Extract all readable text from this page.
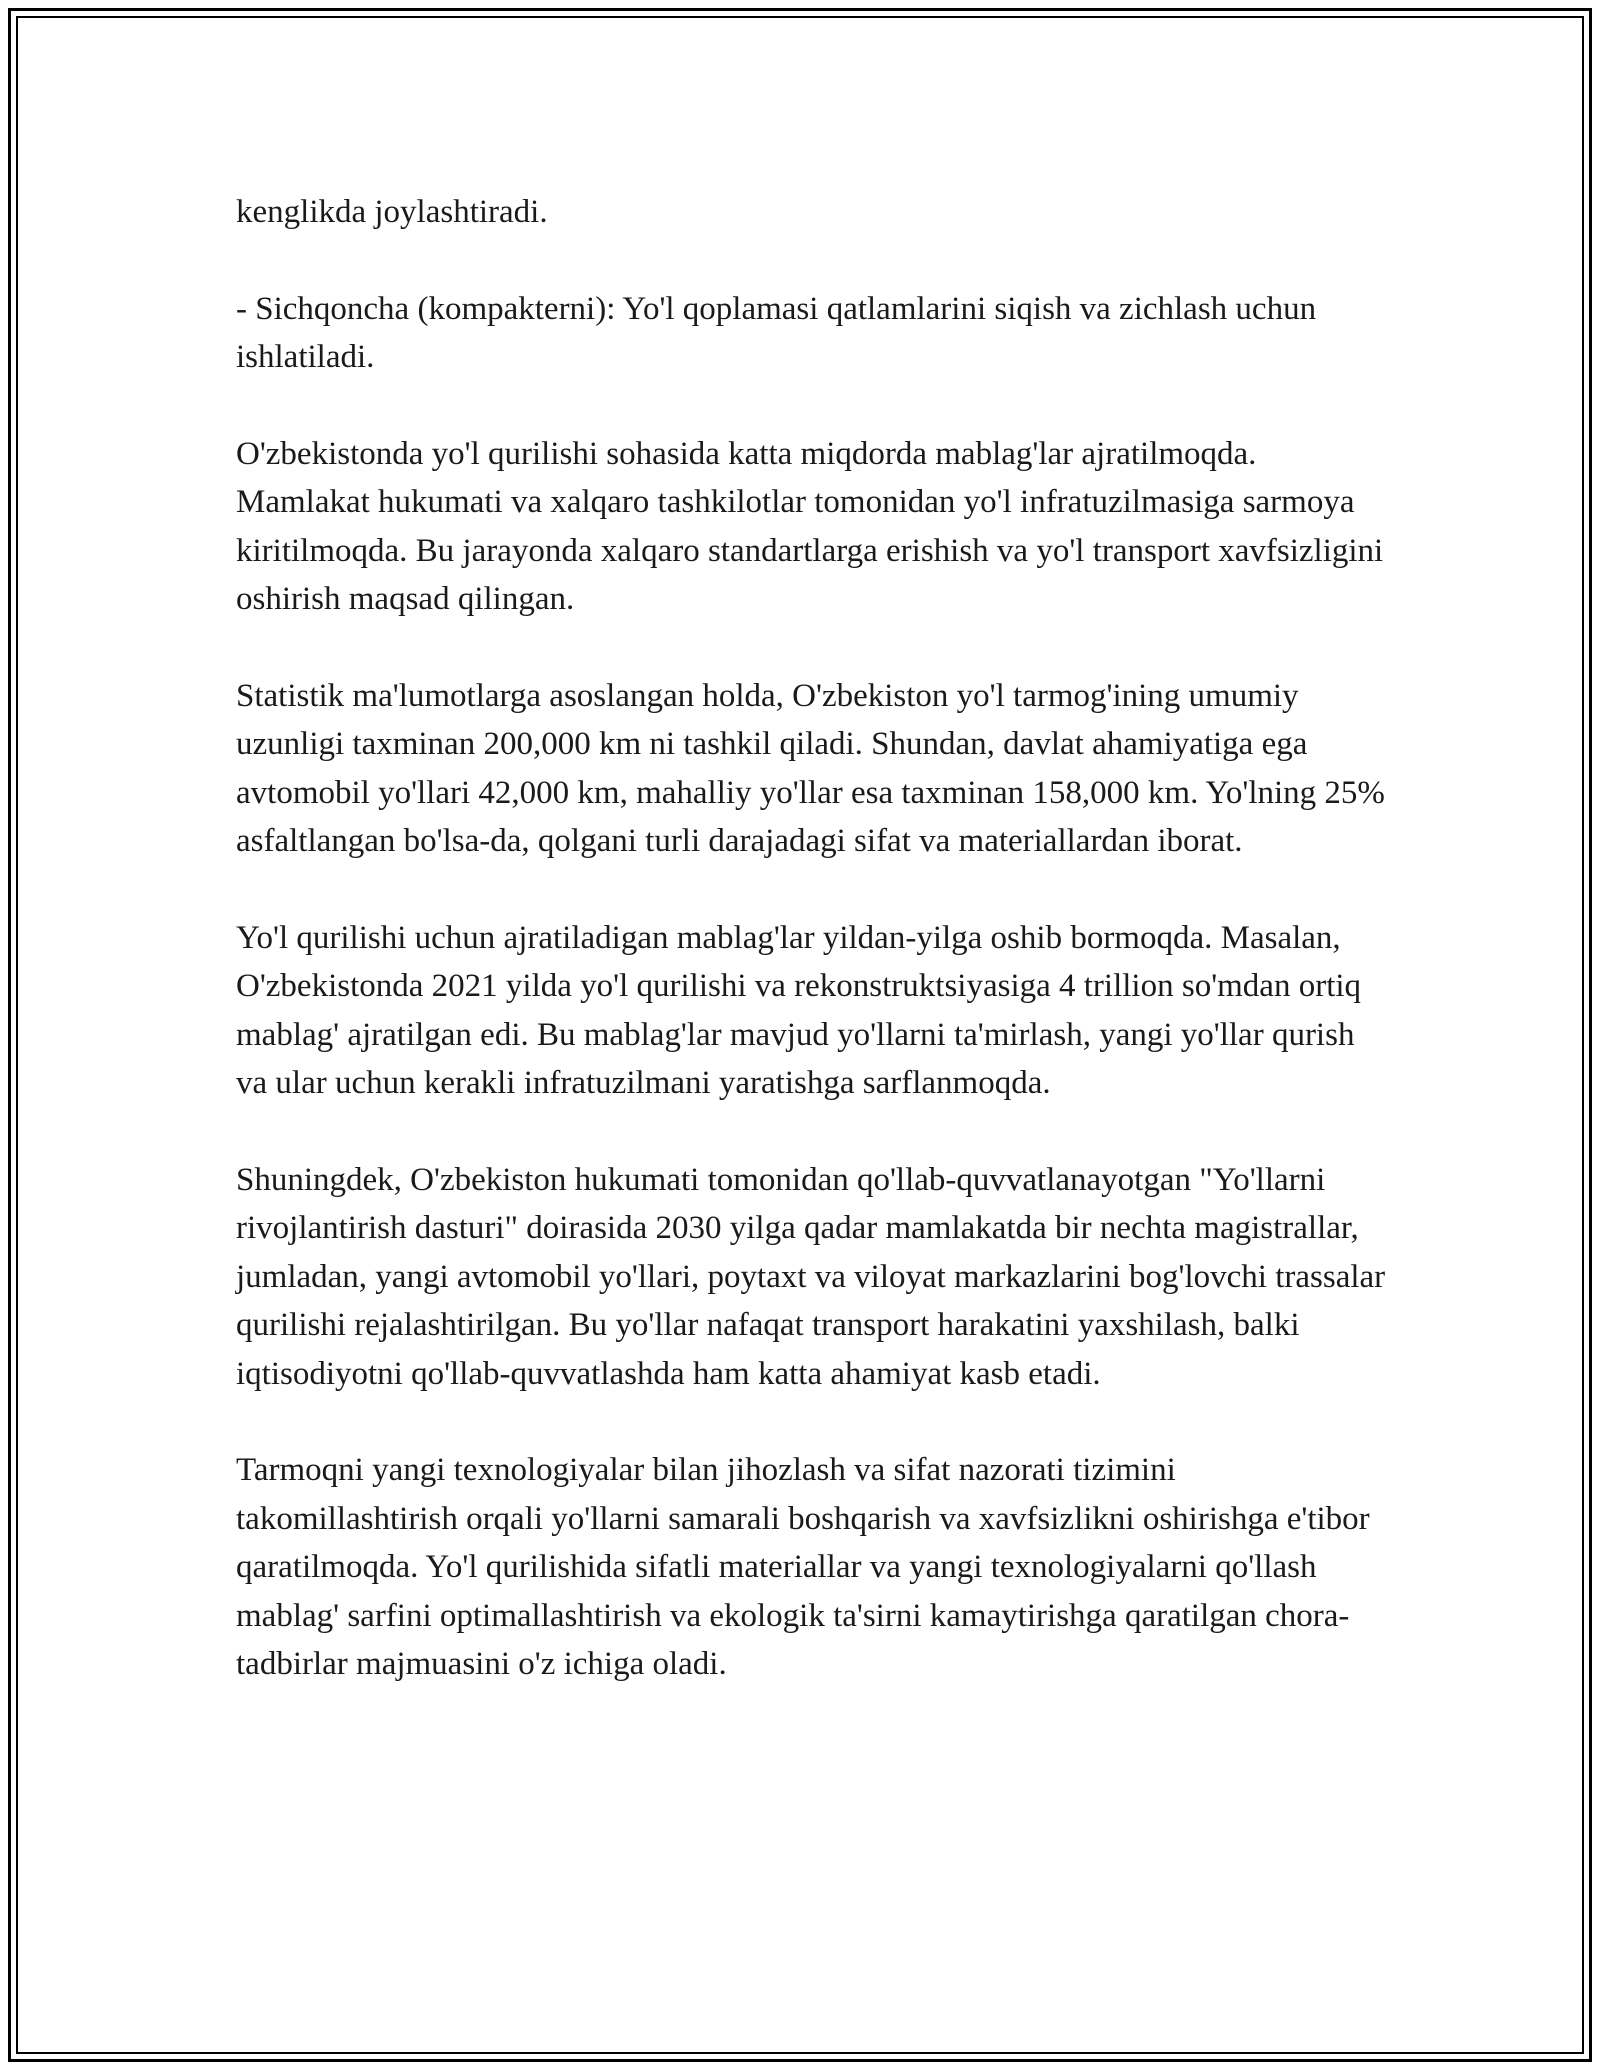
kenglikda joylashtiradi.

- Sichqoncha (kompakterni): Yo'l qoplamasi qatlamlarini siqish va zichlash uchun ishlatiladi.

O'zbekistonda yo'l qurilishi sohasida katta miqdorda mablag'lar ajratilmoqda. Mamlakat hukumati va xalqaro tashkilotlar tomonidan yo'l infratuzilmasiga sarmoya kiritilmoqda. Bu jarayonda xalqaro standartlarga erishish va yo'l transport xavfsizligini oshirish maqsad qilingan.

Statistik ma'lumotlarga asoslangan holda, O'zbekiston yo'l tarmog'ining umumiy uzunligi taxminan 200,000 km ni tashkil qiladi. Shundan, davlat ahamiyatiga ega avtomobil yo'llari 42,000 km, mahalliy yo'llar esa taxminan 158,000 km. Yo'lning 25% asfaltlangan bo'lsa-da, qolgani turli darajadagi sifat va materiallardan iborat.

Yo'l qurilishi uchun ajratiladigan mablag'lar yildan-yilga oshib bormoqda. Masalan, O'zbekistonda 2021 yilda yo'l qurilishi va rekonstruktsiyasiga 4 trillion so'mdan ortiq mablag' ajratilgan edi. Bu mablag'lar mavjud yo'llarni ta'mirlash, yangi yo'llar qurish va ular uchun kerakli infratuzilmani yaratishga sarflanmoqda.

Shuningdek, O'zbekiston hukumati tomonidan qo'llab-quvvatlanayotgan "Yo'llarni rivojlantirish dasturi" doirasida 2030 yilga qadar mamlakatda bir nechta magistrallar, jumladan, yangi avtomobil yo'llari, poytaxt va viloyat markazlarini bog'lovchi trassalar qurilishi rejalashtirilgan. Bu yo'llar nafaqat transport harakatini yaxshilash, balki iqtisodiyotni qo'llab-quvvatlashda ham katta ahamiyat kasb etadi.

Tarmoqni yangi texnologiyalar bilan jihozlash va sifat nazorati tizimini takomillashtirish orqali yo'llarni samarali boshqarish va xavfsizlikni oshirishga e'tibor qaratilmoqda. Yo'l qurilishida sifatli materiallar va yangi texnologiyalarni qo'llash mablag' sarfini optimallashtirish va ekologik ta'sirni kamaytirishga qaratilgan chora-tadbirlar majmuasini o'z ichiga oladi.
